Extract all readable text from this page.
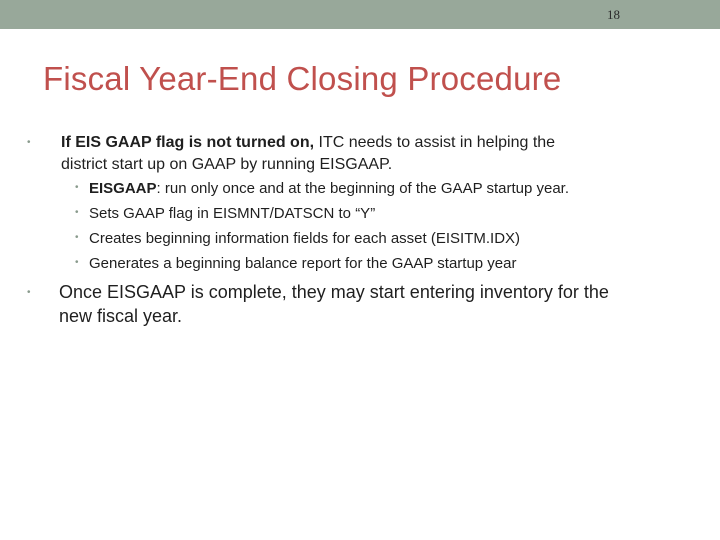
18
Fiscal Year-End Closing Procedure
• If EIS GAAP flag is not turned on, ITC needs to assist in helping the
district start up on GAAP by running EISGAAP.
• EISGAAP: run only once and at the beginning of the GAAP startup year.
• Sets GAAP flag in EISMNT/DATSCN to “Y”
• Creates beginning information fields for each asset (EISITM.IDX)
• Generates a beginning balance report for the GAAP startup year
• Once EISGAAP is complete, they may start entering inventory for the
new fiscal year.
